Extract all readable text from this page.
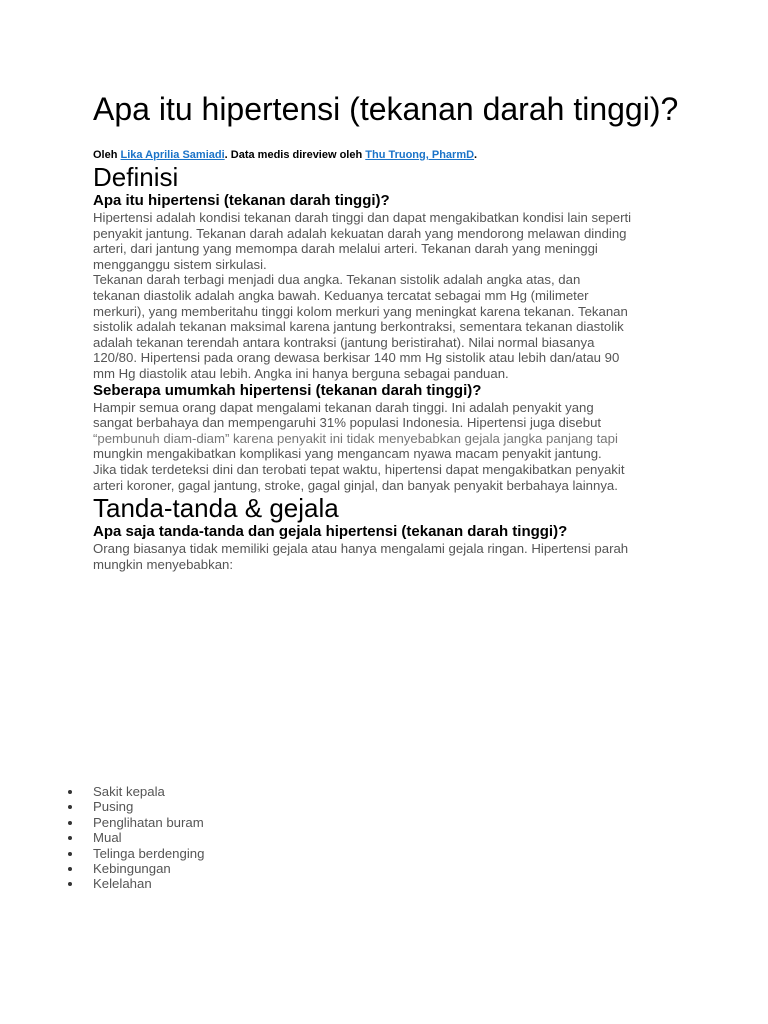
Apa itu hipertensi (tekanan darah tinggi)?
Oleh Lika Aprilia Samiadi. Data medis direview oleh Thu Truong, PharmD.
Definisi
Apa itu hipertensi (tekanan darah tinggi)?

Hipertensi adalah kondisi tekanan darah tinggi dan dapat mengakibatkan kondisi lain seperti
penyakit jantung. Tekanan darah adalah kekuatan darah yang mendorong melawan dinding
arteri, dari jantung yang memompa darah melalui arteri. Tekanan darah yang meninggi
mengganggu sistem sirkulasi.

Tekanan darah terbagi menjadi dua angka. Tekanan sistolik adalah angka atas, dan
tekanan diastolik adalah angka bawah. Keduanya tercatat sebagai mm Hg (milimeter
merkuri), yang memberitahu tinggi kolom merkuri yang meningkat karena tekanan. Tekanan
sistolik adalah tekanan maksimal karena jantung berkontraksi, sementara tekanan diastolik
adalah tekanan terendah antara kontraksi (jantung beristirahat). Nilai normal biasanya
120/80. Hipertensi pada orang dewasa berkisar 140 mm Hg sistolik atau lebih dan/atau 90
mm Hg diastolik atau lebih. Angka ini hanya berguna sebagai panduan.

Seberapa umumkah hipertensi (tekanan darah tinggi)?

Hampir semua orang dapat mengalami tekanan darah tinggi. Ini adalah penyakit yang
sangat berbahaya dan mempengaruhi 31% populasi Indonesia. Hipertensi juga disebut
“pembunuh diam-diam” karena penyakit ini tidak menyebabkan gejala jangka panjang tapi
mungkin mengakibatkan komplikasi yang mengancam nyawa macam penyakit jantung.

Jika tidak terdeteksi dini dan terobati tepat waktu, hipertensi dapat mengakibatkan penyakit
arteri koroner, gagal jantung, stroke, gagal ginjal, dan banyak penyakit berbahaya lainnya.

Tanda-tanda & gejala
Apa saja tanda-tanda dan gejala hipertensi (tekanan darah tinggi)?

Orang biasanya tidak memiliki gejala atau hanya mengalami gejala ringan. Hipertensi parah
mungkin menyebabkan:

Sakit kepala
Pusing
Penglihatan buram
Mual
Telinga berdenging
Kebingungan
Kelelahan
